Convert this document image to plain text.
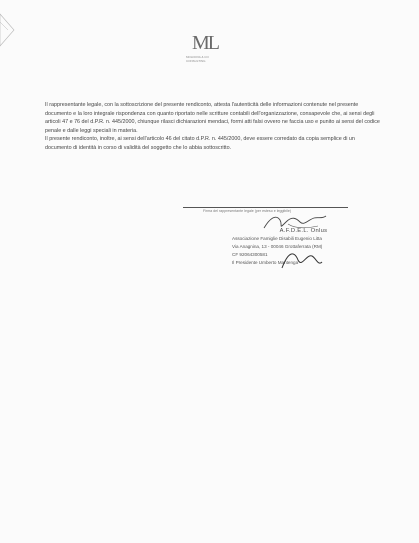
ML
MOLDOVA & CO
CONSULTING

Il rappresentante legale, con la sottoscrizione del presente rendiconto, attesta l'autenticità delle informazioni contenute nel presente documento e la loro integrale rispondenza con quanto riportato nelle scritture contabili dell'organizzazione, consapevole che, ai sensi degli articoli 47 e 76 del d.P.R. n. 445/2000, chiunque rilasci dichiarazioni mendaci, formi atti falsi ovvero ne faccia uso e punito ai sensi del codice penale e dalle leggi speciali in materia.

Il presente rendiconto, inoltre, ai sensi dell'articolo 46 del citato d.P.R. n. 445/2000, deve essere corredato da copia semplice di un documento di identità in corso di validità del soggetto che lo abbia sottoscritto.

Firma del rappresentante legale (per esteso e leggibile)
A.F.D.E.L. Onlus
Associazione Famiglie Disabili Eugenio Litta
Via Anagnina, 13 - 00046 Grottaferrata (RM)
CF 92064300581
Il Presidente Umberto Mantenga
